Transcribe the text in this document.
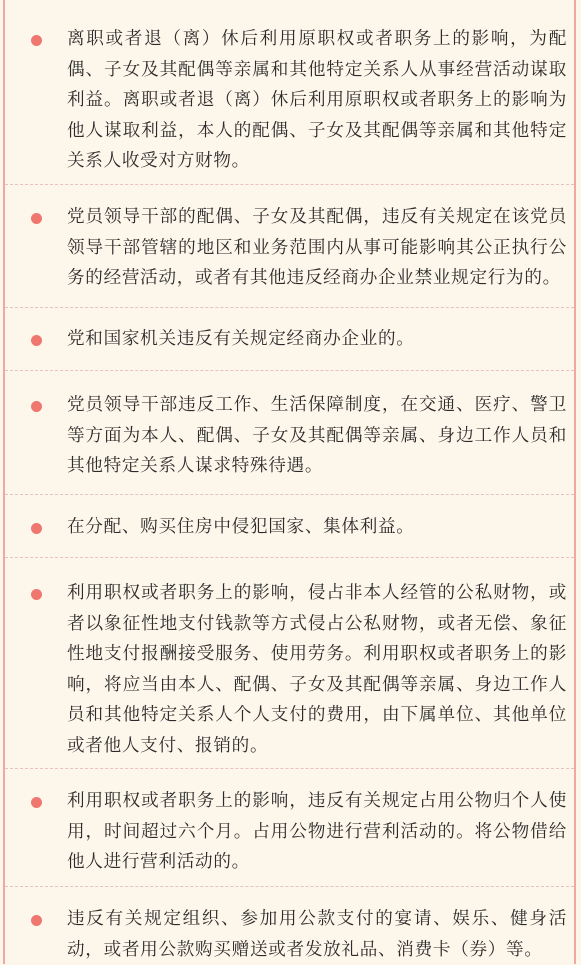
离职或者退（离）休后利用原职权或者职务上的影响，为配偶、子女及其配偶等亲属和其他特定关系人从事经营活动谋取利益。离职或者退（离）休后利用原职权或者职务上的影响为他人谋取利益，本人的配偶、子女及其配偶等亲属和其他特定关系人收受对方财物。
党员领导干部的配偶、子女及其配偶，违反有关规定在该党员领导干部管辖的地区和业务范围内从事可能影响其公正执行公务的经营活动，或者有其他违反经商办企业禁业规定行为的。
党和国家机关违反有关规定经商办企业的。
党员领导干部违反工作、生活保障制度，在交通、医疗、警卫等方面为本人、配偶、子女及其配偶等亲属、身边工作人员和其他特定关系人谋求特殊待遇。
在分配、购买住房中侵犯国家、集体利益。
利用职权或者职务上的影响，侵占非本人经管的公私财物，或者以象征性地支付钱款等方式侵占公私财物，或者无偿、象征性地支付报酬接受服务、使用劳务。利用职权或者职务上的影响，将应当由本人、配偶、子女及其配偶等亲属、身边工作人员和其他特定关系人个人支付的费用，由下属单位、其他单位或者他人支付、报销的。
利用职权或者职务上的影响，违反有关规定占用公物归个人使用，时间超过六个月。占用公物进行营利活动的。将公物借给他人进行营利活动的。
违反有关规定组织、参加用公款支付的宴请、娱乐、健身活动，或者用公款购买赠送或者发放礼品、消费卡（券）等。
